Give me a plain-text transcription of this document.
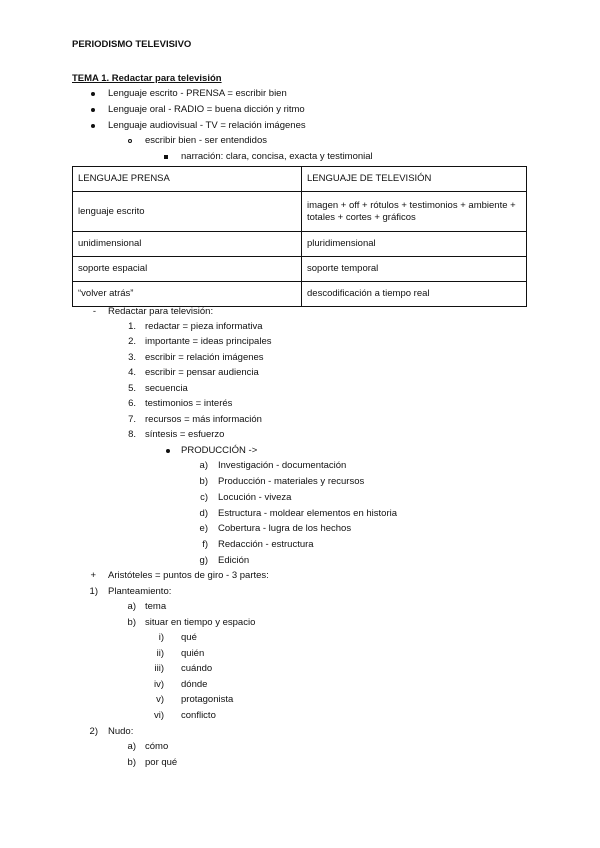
PERIODISMO TELEVISIVO
TEMA 1. Redactar para televisión
Lenguaje escrito - PRENSA = escribir bien
Lenguaje oral - RADIO = buena dicción y ritmo
Lenguaje audiovisual - TV = relación imágenes
escribir bien - ser entendidos
narración: clara, concisa, exacta y testimonial
LENGUAJE PRENSA	LENGUAJE DE TELEVISIÓN
lenguaje escrito	imagen + off + rótulos + testimonios + ambiente + totales + cortes + gráficos
unidimensional	pluridimensional
soporte espacial	soporte temporal
“volver atrás”	descodificación a tiempo real
- Redactar para televisión:
1. redactar = pieza informativa
2. importante = ideas principales
3. escribir = relación imágenes
4. escribir = pensar audiencia
5. secuencia
6. testimonios = interés
7. recursos = más información
8. síntesis = esfuerzo
PRODUCCIÓN ->
a) Investigación - documentación
b) Producción - materiales y recursos
c) Locución - viveza
d) Estructura - moldear elementos en historia
e) Cobertura - lugra de los hechos
f) Redacción - estructura
g) Edición
+ Aristóteles = puntos de giro - 3 partes:
1) Planteamiento:
a) tema
b) situar en tiempo y espacio
i) qué
ii) quién
iii) cuándo
iv) dónde
v) protagonista
vi) conflicto
2) Nudo:
a) cómo
b) por qué
